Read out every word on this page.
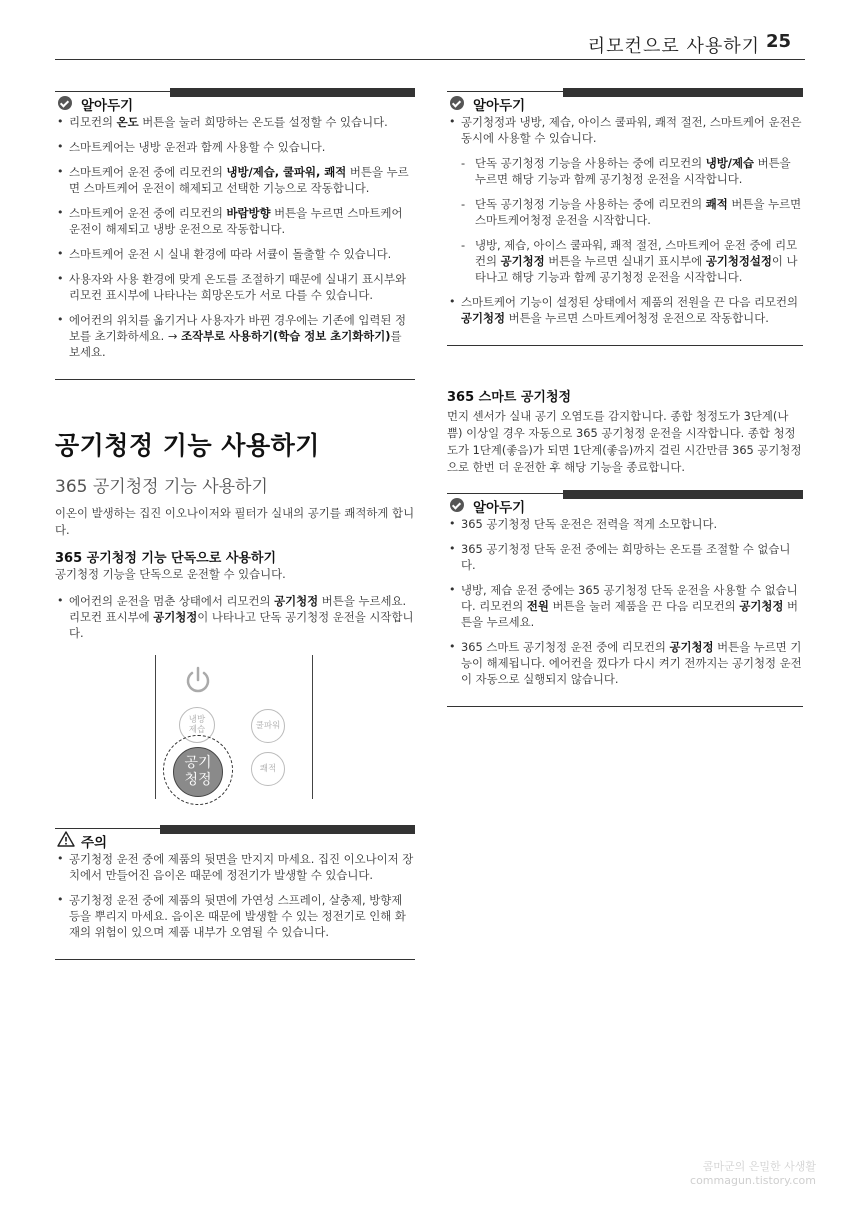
리모컨으로 사용하기 25
알아두기
• 리모컨의 온도 버튼을 눌러 희망하는 온도를 설정할 수 있습니다.
• 스마트케어는 냉방 운전과 함께 사용할 수 있습니다.
• 스마트케어 운전 중에 리모컨의 냉방/제습, 쿨파워, 쾌적 버튼을 누르면 스마트케어 운전이 해제되고 선택한 기능으로 작동합니다.
• 스마트케어 운전 중에 리모컨의 바람방향 버튼을 누르면 스마트케어 운전이 해제되고 냉방 운전으로 작동합니다.
• 스마트케어 운전 시 실내 환경에 따라 서큘이 돌출할 수 있습니다.
• 사용자와 사용 환경에 맞게 온도를 조절하기 때문에 실내기 표시부와 리모컨 표시부에 나타나는 희망온도가 서로 다를 수 있습니다.
• 에어컨의 위치를 옮기거나 사용자가 바뀐 경우에는 기존에 입력된 정보를 초기화하세요. → 조작부로 사용하기(학습 정보 초기화하기)를 보세요.
공기청정 기능 사용하기
365 공기청정 기능 사용하기
이온이 발생하는 집진 이오나이저와 필터가 실내의 공기를 쾌적하게 합니다.
365 공기청정 기능 단독으로 사용하기
공기청정 기능을 단독으로 운전할 수 있습니다.
• 에어컨의 운전을 멈춘 상태에서 리모컨의 공기청정 버튼을 누르세요. 리모컨 표시부에 공기청정이 나타나고 단독 공기청정 운전을 시작합니다.
냉방
제습	쿨파워
공기
청정
쾌적
주의
• 공기청정 운전 중에 제품의 뒷면을 만지지 마세요. 집진 이오나이저 장치에서 만들어진 음이온 때문에 정전기가 발생할 수 있습니다.
• 공기청정 운전 중에 제품의 뒷면에 가연성 스프레이, 살충제, 방향제 등을 뿌리지 마세요. 음이온 때문에 발생할 수 있는 정전기로 인해 화재의 위험이 있으며 제품 내부가 오염될 수 있습니다.
알아두기
• 공기청정과 냉방, 제습, 아이스 쿨파워, 쾌적 절전, 스마트케어 운전은 동시에 사용할 수 있습니다.
- 단독 공기청정 기능을 사용하는 중에 리모컨의 냉방/제습 버튼을 누르면 해당 기능과 함께 공기청정 운전을 시작합니다.
- 단독 공기청정 기능을 사용하는 중에 리모컨의 쾌적 버튼을 누르면 스마트케어청정 운전을 시작합니다.
- 냉방, 제습, 아이스 쿨파워, 쾌적 절전, 스마트케어 운전 중에 리모컨의 공기청정 버튼을 누르면 실내기 표시부에 공기청정설정이 나타나고 해당 기능과 함께 공기청정 운전을 시작합니다.
• 스마트케어 기능이 설정된 상태에서 제품의 전원을 끈 다음 리모컨의 공기청정 버튼을 누르면 스마트케어청정 운전으로 작동합니다.
365 스마트 공기청정
먼지 센서가 실내 공기 오염도를 감지합니다. 종합 청정도가 3단계(나쁨) 이상일 경우 자동으로 365 공기청정 운전을 시작합니다. 종합 청정도가 1단계(좋음)가 되면 1단계(좋음)까지 걸린 시간만큼 365 공기청정으로 한번 더 운전한 후 해당 기능을 종료합니다.
알아두기
• 365 공기청정 단독 운전은 전력을 적게 소모합니다.
• 365 공기청정 단독 운전 중에는 희망하는 온도를 조절할 수 없습니다.
• 냉방, 제습 운전 중에는 365 공기청정 단독 운전을 사용할 수 없습니다. 리모컨의 전원 버튼을 눌러 제품을 끈 다음 리모컨의 공기청정 버튼을 누르세요.
• 365 스마트 공기청정 운전 중에 리모컨의 공기청정 버튼을 누르면 기능이 해제됩니다. 에어컨을 껐다가 다시 켜기 전까지는 공기청정 운전이 자동으로 실행되지 않습니다.
콤마군의 은밀한 사생활
commagun.tistory.com
